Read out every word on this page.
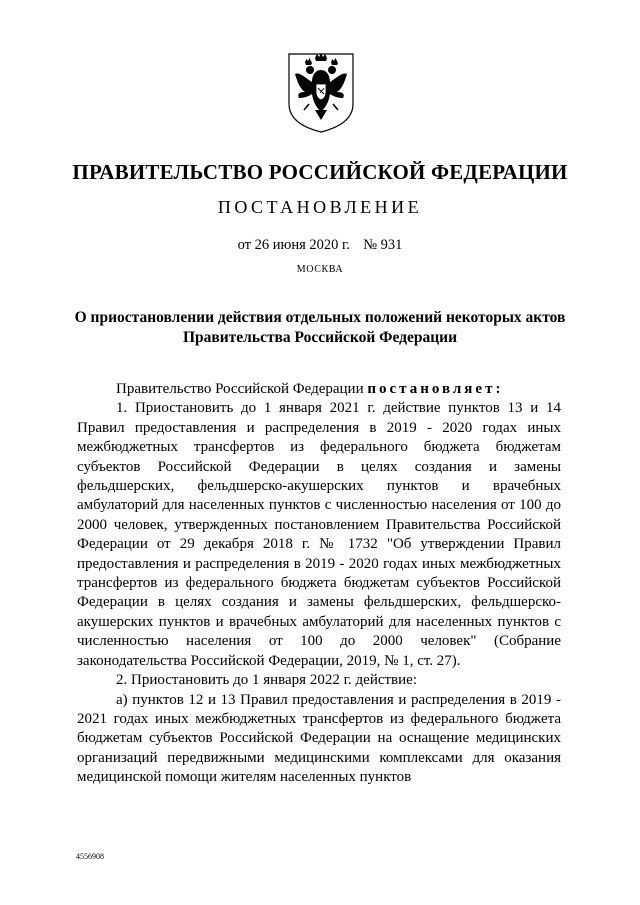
ПРАВИТЕЛЬСТВО РОССИЙСКОЙ ФЕДЕРАЦИИ
ПОСТАНОВЛЕНИЕ
от 26 июня 2020 г. № 931
МОСКВА
О приостановлении действия отдельных положений некоторых актов
Правительства Российской Федерации

Правительство Российской Федерации постановляет:

1. Приостановить до 1 января 2021 г. действие пунктов 13 и 14 Правил предоставления и распределения в 2019 - 2020 годах иных межбюджетных трансфертов из федерального бюджета бюджетам субъектов Российской Федерации в целях создания и замены фельдшерских, фельдшерско-акушерских пунктов и врачебных амбулаторий для населенных пунктов с численностью населения от 100 до 2000 человек, утвержденных постановлением Правительства Российской Федерации от 29 декабря 2018 г. № 1732 "Об утверждении Правил предоставления и распределения в 2019 - 2020 годах иных межбюджетных трансфертов из федерального бюджета бюджетам субъектов Российской Федерации в целях создания и замены фельдшерских, фельдшерско-акушерских пунктов и врачебных амбулаторий для населенных пунктов с численностью населения от 100 до 2000 человек" (Собрание законодательства Российской Федерации, 2019, № 1, ст. 27).

2. Приостановить до 1 января 2022 г. действие:

а) пунктов 12 и 13 Правил предоставления и распределения в 2019 - 2021 годах иных межбюджетных трансфертов из федерального бюджета бюджетам субъектов Российской Федерации на оснащение медицинских организаций передвижными медицинскими комплексами для оказания медицинской помощи жителям населенных пунктов

4556908
